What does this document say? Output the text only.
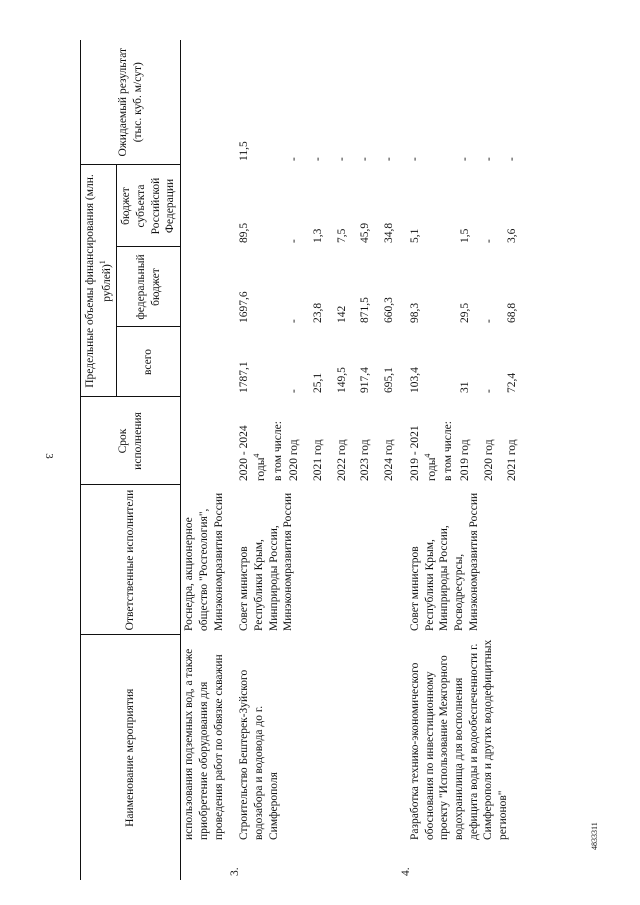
3
4833311
Наименование мероприятия	Ответственные исполнители	Срок исполнения	Предельные объемы финансирования (млн. рублей)$^1$			Ожидаемый результат (тыс. куб. м/сут)
			всего	федеральный бюджет	бюджет субъекта Российской Федерации	
использования подземных вод, а также приобретение оборудования для проведения работ по обвязке скважин	Роснедра, акционерное общество "Росгеология", Минэкономразвития России					

3.
Строительство Бештерек-Зуйского водозабора и водовода до г. Симферополя	Совет министров Республики Крым, Минприроды России, Минэкономразвития России	2020 - 2024 годы$^4$	1787,1	1697,6	89,5	11,5
		в том числе:				
		2020 год	-	-	-	-
		2021 год	25,1	23,8	1,3	-
		2022 год	149,5	142	7,5	-
		2023 год	917,4	871,5	45,9	-
		2024 год	695,1	660,3	34,8	-

4.
Разработка технико-экономического обоснования по инвестиционному проекту "Использование Межгорного водохранилища для восполнения дефицита воды и водообеспеченности г. Симферополя и других вододефицитных регионов"	Совет министров Республики Крым, Минприроды России, Росводресурсы, Минэкономразвития России	2019 - 2021 годы$^4$	103,4	98,3	5,1	-
		в том числе:				
		2019 год	31	29,5	1,5	-
		2020 год	-	-	-	-
		2021 год	72,4	68,8	3,6	-
